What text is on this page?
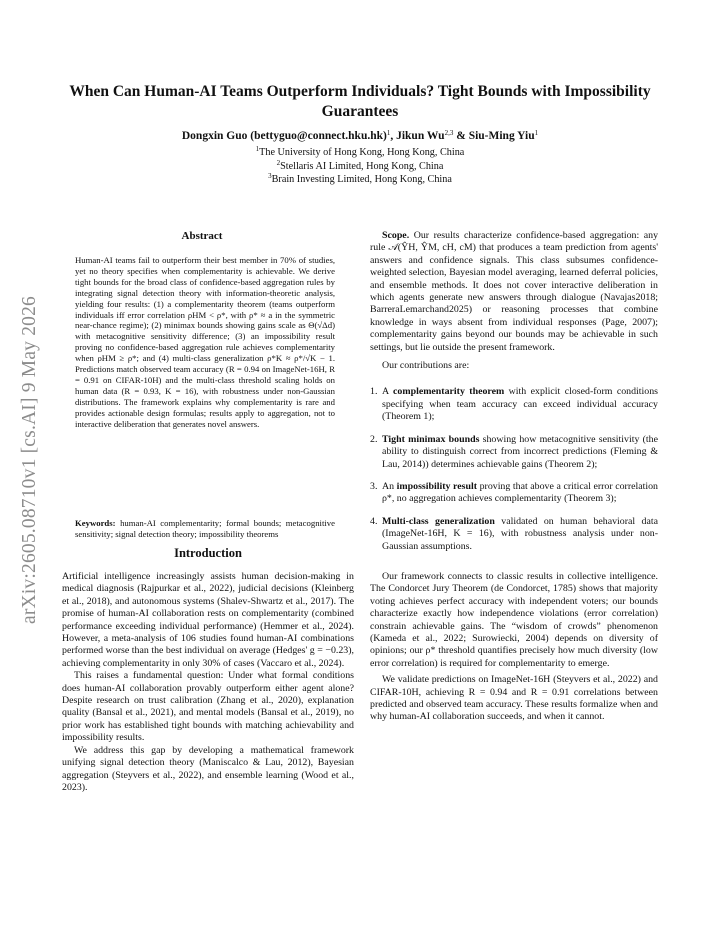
arXiv:2605.08710v1 [cs.AI] 9 May 2026
When Can Human-AI Teams Outperform Individuals? Tight Bounds with Impossibility Guarantees
Dongxin Guo (bettyguo@connect.hku.hk)$^1$, Jikun Wu$^{2,3}$ & Siu-Ming Yiu$^1$
$^1$The University of Hong Kong, Hong Kong, China
$^2$Stellaris AI Limited, Hong Kong, China
$^3$Brain Investing Limited, Hong Kong, China
Abstract
Human-AI teams fail to outperform their best member in 70% of studies, yet no theory specifies when complementarity is achievable. We derive tight bounds for the broad class of confidence-based aggregation rules by integrating signal detection theory with information-theoretic analysis, yielding four results: (1) a complementarity theorem (teams outperform individuals iff error correlation ρHM < ρ*, with ρ* ≈ a in the symmetric near-chance regime); (2) minimax bounds showing gains scale as Θ(√Δd) with metacognitive sensitivity difference; (3) an impossibility result proving no confidence-based aggregation rule achieves complementarity when ρHM ≥ ρ*; and (4) multi-class generalization ρ*K ≈ ρ*/√K − 1. Predictions match observed team accuracy (R = 0.94 on ImageNet-16H, R = 0.91 on CIFAR-10H) and the multi-class threshold scaling holds on human data (R = 0.93, K = 16), with robustness under non-Gaussian distributions. The framework explains why complementarity is rare and provides actionable design formulas; results apply to aggregation, not to interactive deliberation that generates novel answers.
Keywords: human-AI complementarity; formal bounds; metacognitive sensitivity; signal detection theory; impossibility theorems
Introduction

Artificial intelligence increasingly assists human decision-making in medical diagnosis (Rajpurkar et al., 2022), judicial decisions (Kleinberg et al., 2018), and autonomous systems (Shalev-Shwartz et al., 2017). The promise of human-AI collaboration rests on complementarity (combined performance exceeding individual performance) (Hemmer et al., 2024). However, a meta-analysis of 106 studies found human-AI combinations performed worse than the best individual on average (Hedges' g = −0.23), achieving complementarity in only 30% of cases (Vaccaro et al., 2024).

This raises a fundamental question: Under what formal conditions does human-AI collaboration provably outperform either agent alone? Despite research on trust calibration (Zhang et al., 2020), explanation quality (Bansal et al., 2021), and mental models (Bansal et al., 2019), no prior work has established tight bounds with matching achievability and impossibility results.

We address this gap by developing a mathematical framework unifying signal detection theory (Maniscalco & Lau, 2012), Bayesian aggregation (Steyvers et al., 2022), and ensemble learning (Wood et al., 2023).

Scope. Our results characterize confidence-based aggregation: any rule 𝒜(ŶH, ŶM, cH, cM) that produces a team prediction from agents' answers and confidence signals. This class subsumes confidence-weighted selection, Bayesian model averaging, learned deferral policies, and ensemble methods. It does not cover interactive deliberation in which agents generate new answers through dialogue (Navajas2018; BarreraLemarchand2025) or reasoning processes that combine knowledge in ways absent from individual responses (Page, 2007); complementarity gains beyond our bounds may be achievable in such settings, but lie outside the present framework.

Our contributions are:

1. A complementarity theorem with explicit closed-form conditions specifying when team accuracy can exceed individual accuracy (Theorem 1);
2. Tight minimax bounds showing how metacognitive sensitivity (the ability to distinguish correct from incorrect predictions (Fleming & Lau, 2014)) determines achievable gains (Theorem 2);
3. An impossibility result proving that above a critical error correlation ρ*, no aggregation achieves complementarity (Theorem 3);
4. Multi-class generalization validated on human behavioral data (ImageNet-16H, K = 16), with robustness analysis under non-Gaussian assumptions.

Our framework connects to classic results in collective intelligence. The Condorcet Jury Theorem (de Condorcet, 1785) shows that majority voting achieves perfect accuracy with independent voters; our bounds characterize exactly how independence violations (error correlation) constrain achievable gains. The “wisdom of crowds” phenomenon (Kameda et al., 2022; Surowiecki, 2004) depends on diversity of opinions; our ρ* threshold quantifies precisely how much diversity (low error correlation) is required for complementarity to emerge.

We validate predictions on ImageNet-16H (Steyvers et al., 2022) and CIFAR-10H, achieving R = 0.94 and R = 0.91 correlations between predicted and observed team accuracy. These results formalize when and why human-AI collaboration succeeds, and when it cannot.
